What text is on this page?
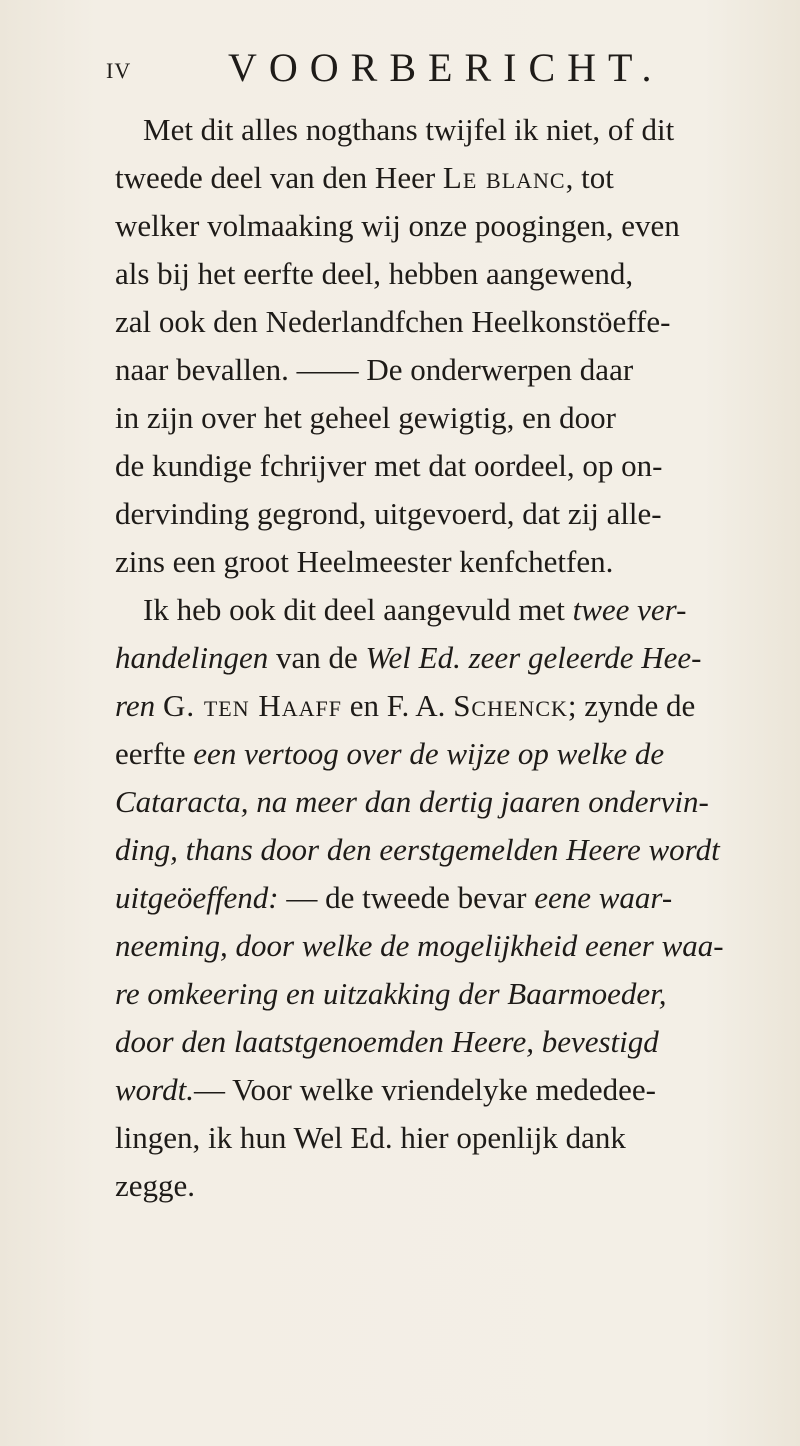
IV VOORBERICHT.
Met dit alles nogthans twijfel ik niet, of dit
tweede deel van den Heer Le blanc, tot
welker volmaaking wij onze poogingen, even
als bij het eerfte deel, hebben aangewend,
zal ook den Nederlandfchen Heelkonstöeffe-
naar bevallen. —— De onderwerpen daar
in zijn over het geheel gewigtig, en door
de kundige fchrijver met dat oordeel, op on-
dervinding gegrond, uitgevoerd, dat zij alle-
zins een groot Heelmeester kenfchetfen.
Ik heb ook dit deel aangevuld met twee ver-
handelingen van de Wel Ed. zeer geleerde Hee-
ren G. ten Haaff en F. A. Schenck; zynde de
eerfte een vertoog over de wijze op welke de
Cataracta, na meer dan dertig jaaren ondervin-
ding, thans door den eerstgemelden Heere wordt
uitgeöeffend: — de tweede bevar eene waar-
neeming, door welke de mogelijkheid eener waa-
re omkeering en uitzakking der Baarmoeder,
door den laatstgenoemden Heere, bevestigd
wordt.— Voor welke vriendelyke mededee-
lingen, ik hun Wel Ed. hier openlijk dank
zegge.
